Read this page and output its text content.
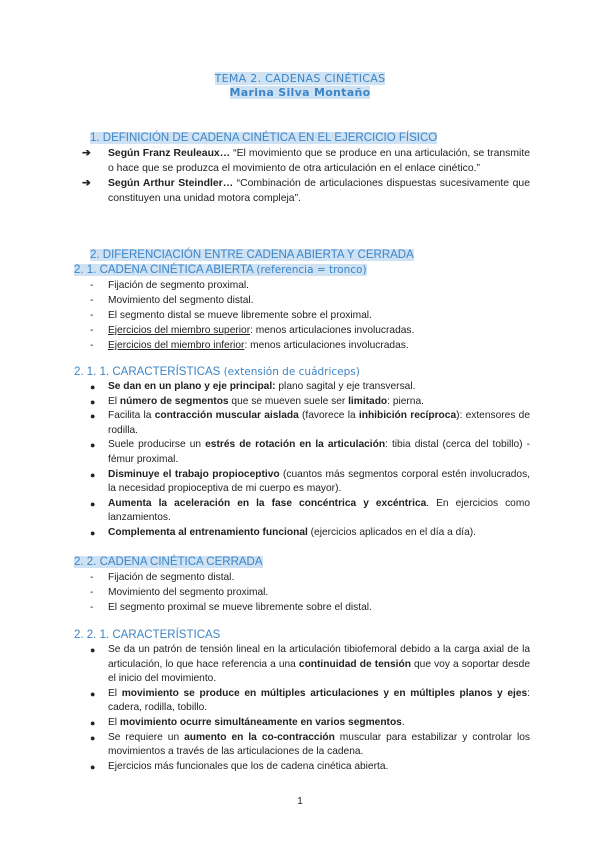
TEMA 2. CADENAS CINÉTICAS
Marina Silva Montaño
1. DEFINICIÓN DE CADENA CINÉTICA EN EL EJERCICIO FÍSICO
➔ Según Franz Reuleaux… “El movimiento que se produce en una articulación, se transmite o hace que se produzca el movimiento de otra articulación en el enlace cinético.”
➔ Según Arthur Steindler… “Combinación de articulaciones dispuestas sucesivamente que constituyen una unidad motora compleja”.
2. DIFERENCIACIÓN ENTRE CADENA ABIERTA Y CERRADA
2. 1. CADENA CINÉTICA ABIERTA (referencia = tronco)
- Fijación de segmento proximal.
- Movimiento del segmento distal.
- El segmento distal se mueve libremente sobre el proximal.
- Ejercicios del miembro superior: menos articulaciones involucradas.
- Ejercicios del miembro inferior: menos articulaciones involucradas.
2. 1. 1. CARACTERÍSTICAS (extensión de cuádriceps)
● Se dan en un plano y eje principal: plano sagital y eje transversal.
● El número de segmentos que se mueven suele ser limitado: pierna.
● Facilita la contracción muscular aislada (favorece la inhibición recíproca): extensores de rodilla.
● Suele producirse un estrés de rotación en la articulación: tibia distal (cerca del tobillo) - fémur proximal.
● Disminuye el trabajo propioceptivo (cuantos más segmentos corporal estén involucrados, la necesidad propioceptiva de mi cuerpo es mayor).
● Aumenta la aceleración en la fase concéntrica y excéntrica. En ejercicios como lanzamientos.
● Complementa al entrenamiento funcional (ejercicios aplicados en el día a día).
2. 2. CADENA CINÉTICA CERRADA
- Fijación de segmento distal.
- Movimiento del segmento proximal.
- El segmento proximal se mueve libremente sobre el distal.
2. 2. 1. CARACTERÍSTICAS
● Se da un patrón de tensión lineal en la articulación tibiofemoral debido a la carga axial de la articulación, lo que hace referencia a una continuidad de tensión que voy a soportar desde el inicio del movimiento.
● El movimiento se produce en múltiples articulaciones y en múltiples planos y ejes: cadera, rodilla, tobillo.
● El movimiento ocurre simultáneamente en varios segmentos.
● Se requiere un aumento en la co-contracción muscular para estabilizar y controlar los movimientos a través de las articulaciones de la cadena.
● Ejercicios más funcionales que los de cadena cinética abierta.
1
